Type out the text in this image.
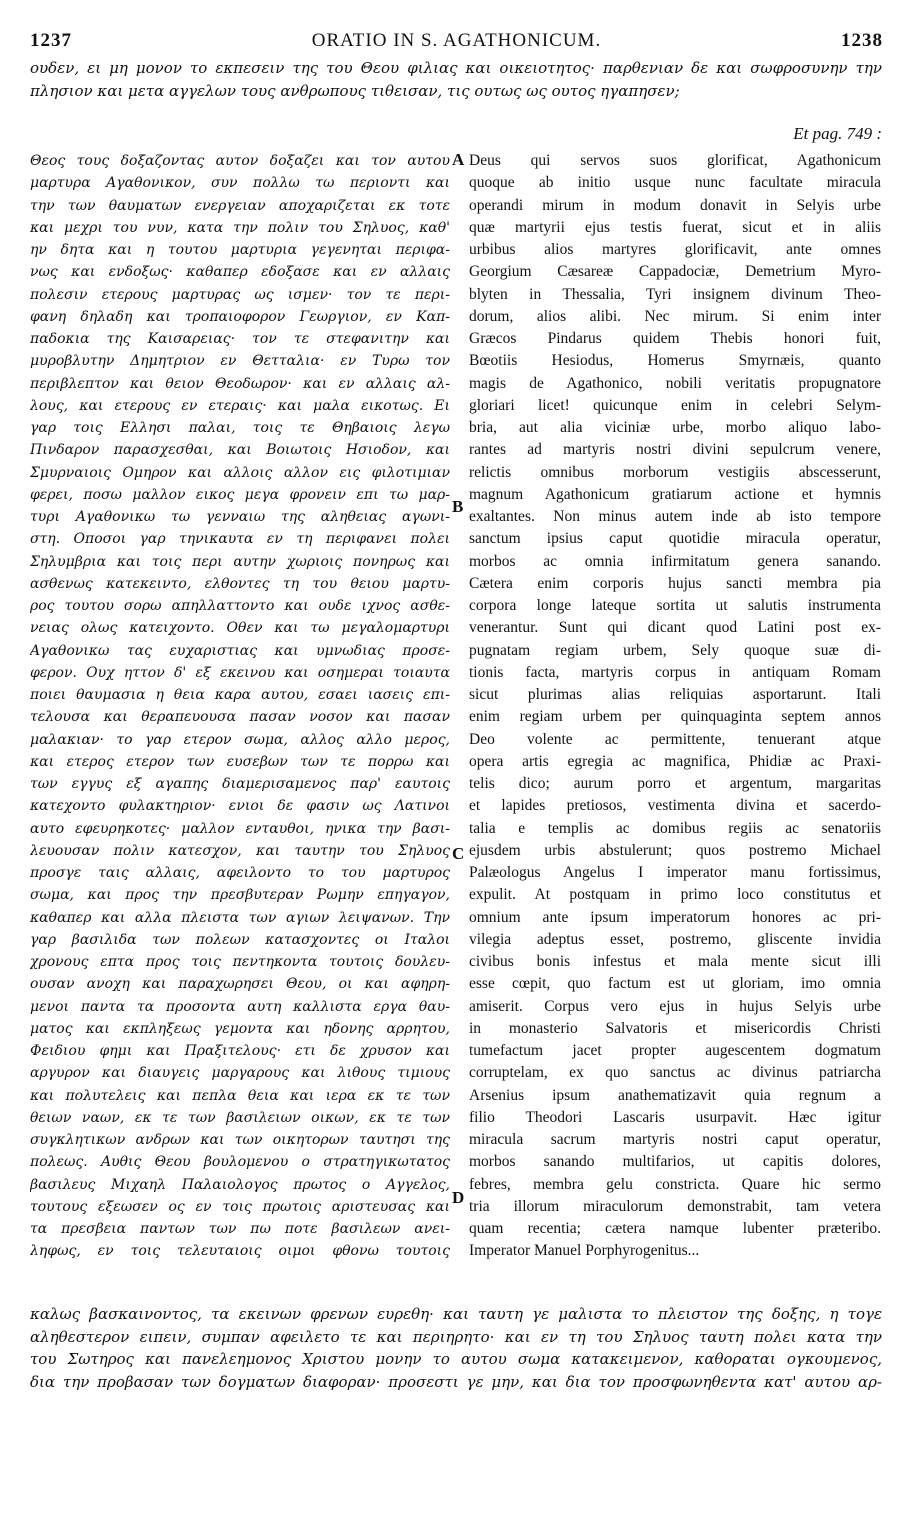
1237	ORATIO IN S. AGATHONICUM.	1238
ουδεν, ει μη μονον το εκπεσειν της του Θεου φιλιας και οικειοτητος· παρθενιαν δε και σωφροσυνην την
πλησιον και μετα αγγελων τους ανθρωπους τιθεισαν, τις ουτως ως ουτος ηγαπησεν;
Et pag. 749 :
Θεος τους δοξαζοντας αυτον δοξαζει και τον αυτου
μαρτυρα Αγαθονικον, συν πολλω τω περιοντι και
την των θαυματων ενεργειαν αποχαριζεται εκ τοτε
και μεχρι του νυν, κατα την πολιν του Σηλυος, καθ'
ην δητα και η τουτου μαρτυρια γεγενηται περιφα-
νως και ενδοξως· καθαπερ εδοξασε και εν αλλαις
πολεσιν ετερους μαρτυρας ως ισμεν· τον τε περι-
φανη δηλαδη και τροπαιοφορον Γεωργιον, εν Καπ-
παδοκια της Καισαρειας· τον τε στεφανιτην και
μυροβλυτην Δημητριον εν Θετταλια· εν Τυρω τον
περιβλεπτον και θειον Θεοδωρον· και εν αλλαις αλ-
λους, και ετερους εν ετεραις· και μαλα εικοτως. Ει
γαρ τοις Ελλησι παλαι, τοις τε Θηβαιοις λεγω
Πινδαρον παρασχεσθαι, και Βοιωτοις Ησιοδον, και
Σμυρναιοις Ομηρον και αλλοις αλλον εις φιλοτιμιαν
φερει, ποσω μαλλον εικος μεγα φρονειν επι τω μαρ-
τυρι Αγαθονικω τω γενναιω της αληθειας αγωνι-
στη. Οποσοι γαρ τηνικαυτα εν τη περιφανει πολει
Σηλυμβρια και τοις περι αυτην χωριοις πονηρως και
ασθενως κατεκειντο, ελθοντες τη του θειου μαρτυ-
ρος τουτου σορω απηλλαττοντο και ουδε ιχνος ασθε-
νειας ολως κατειχοντο. Οθεν και τω μεγαλομαρτυρι
Αγαθονικω τας ευχαριστιας και υμνωδιας προσε-
φερον. Ουχ ηττον δ' εξ εκεινου και οσημεραι τοιαυτα
ποιει θαυμασια η θεια καρα αυτου, εσαει ιασεις επι-
τελουσα και θεραπευουσα πασαν νοσον και πασαν
μαλακιαν· το γαρ ετερον σωμα, αλλος αλλο μερος,
και ετερος ετερον των ευσεβων των τε πορρω και
των εγγυς εξ αγαπης διαμερισαμενος παρ' εαυτοις
κατεχοντο φυλακτηριον· ενιοι δε φασιν ως Λατινοι
αυτο εφευρηκοτες· μαλλον ενταυθοι, ηνικα την βασι-
λευουσαν πολιν κατεσχον, και ταυτην του Σηλυος
προσγε ταις αλλαις, αφειλοντο το του μαρτυρος
σωμα, και προς την πρεσβυτεραν Ρωμην επηγαγον,
καθαπερ και αλλα πλειστα των αγιων λειψανων. Την
γαρ βασιλιδα των πολεων κατασχοντες οι Ιταλοι
χρονους επτα προς τοις πεντηκοντα τουτοις δουλευ-
ουσαν ανοχη και παραχωρησει Θεου, οι και αφηρη-
μενοι παντα τα προσοντα αυτη καλλιστα εργα θαυ-
ματος και εκπληξεως γεμοντα και ηδονης αρρητου,
Φειδιου φημι και Πραξιτελους· ετι δε χρυσον και
αργυρον και διαυγεις μαργαρους και λιθους τιμιους
και πολυτελεις και πεπλα θεια και ιερα εκ τε των
θειων ναων, εκ τε των βασιλειων οικων, εκ τε των
συγκλητικων ανδρων και των οικητορων ταυτησι της
πολεως. Αυθις Θεου βουλομενου ο στρατηγικωτατος
βασιλευς Μιχαηλ Παλαιολογος πρωτος ο Αγγελος,
τουτους εξεωσεν ος εν τοις πρωτοις αριστευσας και
τα πρεσβεια παντων των πω ποτε βασιλεων ανει-
ληφως, εν τοις τελευταιοις οιμοι φθονω τουτοις
Deus qui servos suos glorificat, Agathonicum
quoque ab initio usque nunc facultate miracula
operandi mirum in modum donavit in Selyis urbe
quæ martyrii ejus testis fuerat, sicut et in aliis
urbibus alios martyres glorificavit, ante omnes
Georgium Cæsareæ Cappadociæ, Demetrium Myro-
blyten in Thessalia, Tyri insignem divinum Theo-
dorum, alios alibi. Nec mirum. Si enim inter
Græcos Pindarus quidem Thebis honori fuit,
Bœotiis Hesiodus, Homerus Smyrnæis, quanto
magis de Agathonico, nobili veritatis propugnatore
gloriari licet! quicunque enim in celebri Selym-
bria, aut alia viciniæ urbe, morbo aliquo labo-
rantes ad martyris nostri divini sepulcrum venere,
relictis omnibus morborum vestigiis abscesserunt,
magnum Agathonicum gratiarum actione et hymnis
exaltantes. Non minus autem inde ab isto tempore
sanctum ipsius caput quotidie miracula operatur,
morbos ac omnia infirmitatum genera sanando.
Cætera enim corporis hujus sancti membra pia
corpora longe lateque sortita ut salutis instrumenta
venerantur. Sunt qui dicant quod Latini post ex-
pugnatam regiam urbem, Sely quoque suæ di-
tionis facta, martyris corpus in antiquam Romam
sicut plurimas alias reliquias asportarunt. Itali
enim regiam urbem per quinquaginta septem annos
Deo volente ac permittente, tenuerant atque
opera artis egregia ac magnifica, Phidiæ ac Praxi-
telis dico; aurum porro et argentum, margaritas
et lapides pretiosos, vestimenta divina et sacerdo-
talia e templis ac domibus regiis ac senatoriis
ejusdem urbis abstulerunt; quos postremo Michael
Palæologus Angelus I imperator manu fortissimus,
expulit. At postquam in primo loco constitutus et
omnium ante ipsum imperatorum honores ac pri-
vilegia adeptus esset, postremo, gliscente invidia
civibus bonis infestus et mala mente sicut illi
esse cœpit, quo factum est ut gloriam, imo omnia
amiserit. Corpus vero ejus in hujus Selyis urbe
in monasterio Salvatoris et misericordis Christi
tumefactum jacet propter augescentem dogmatum
corruptelam, ex quo sanctus ac divinus patriarcha
Arsenius ipsum anathematizavit quia regnum a
filio Theodori Lascaris usurpavit. Hæc igitur
miracula sacrum martyris nostri caput operatur,
morbos sanando multifarios, ut capitis dolores,
febres, membra gelu constricta. Quare hic sermo
tria illorum miraculorum demonstrabit, tam vetera
quam recentia; cætera namque lubenter præteribo.
Imperator Manuel Porphyrogenitus...
A
B
C
D
καλως βασκαινοντος, τα εκεινων φρενων ευρεθη· και ταυτη γε μαλιστα το πλειστον της δοξης, η τογε
αληθεστερον ειπειν, συμπαν αφειλετο τε και περιηρητο· και εν τη του Σηλυος ταυτη πολει κατα την
του Σωτηρος και πανελεημονος Χριστου μονην το αυτου σωμα κατακειμενον, καθοραται ογκουμενος,
δια την προβασαν των δογματων διαφοραν· προσεστι γε μην, και δια τον προσφωνηθεντα κατ' αυτου αρ-
